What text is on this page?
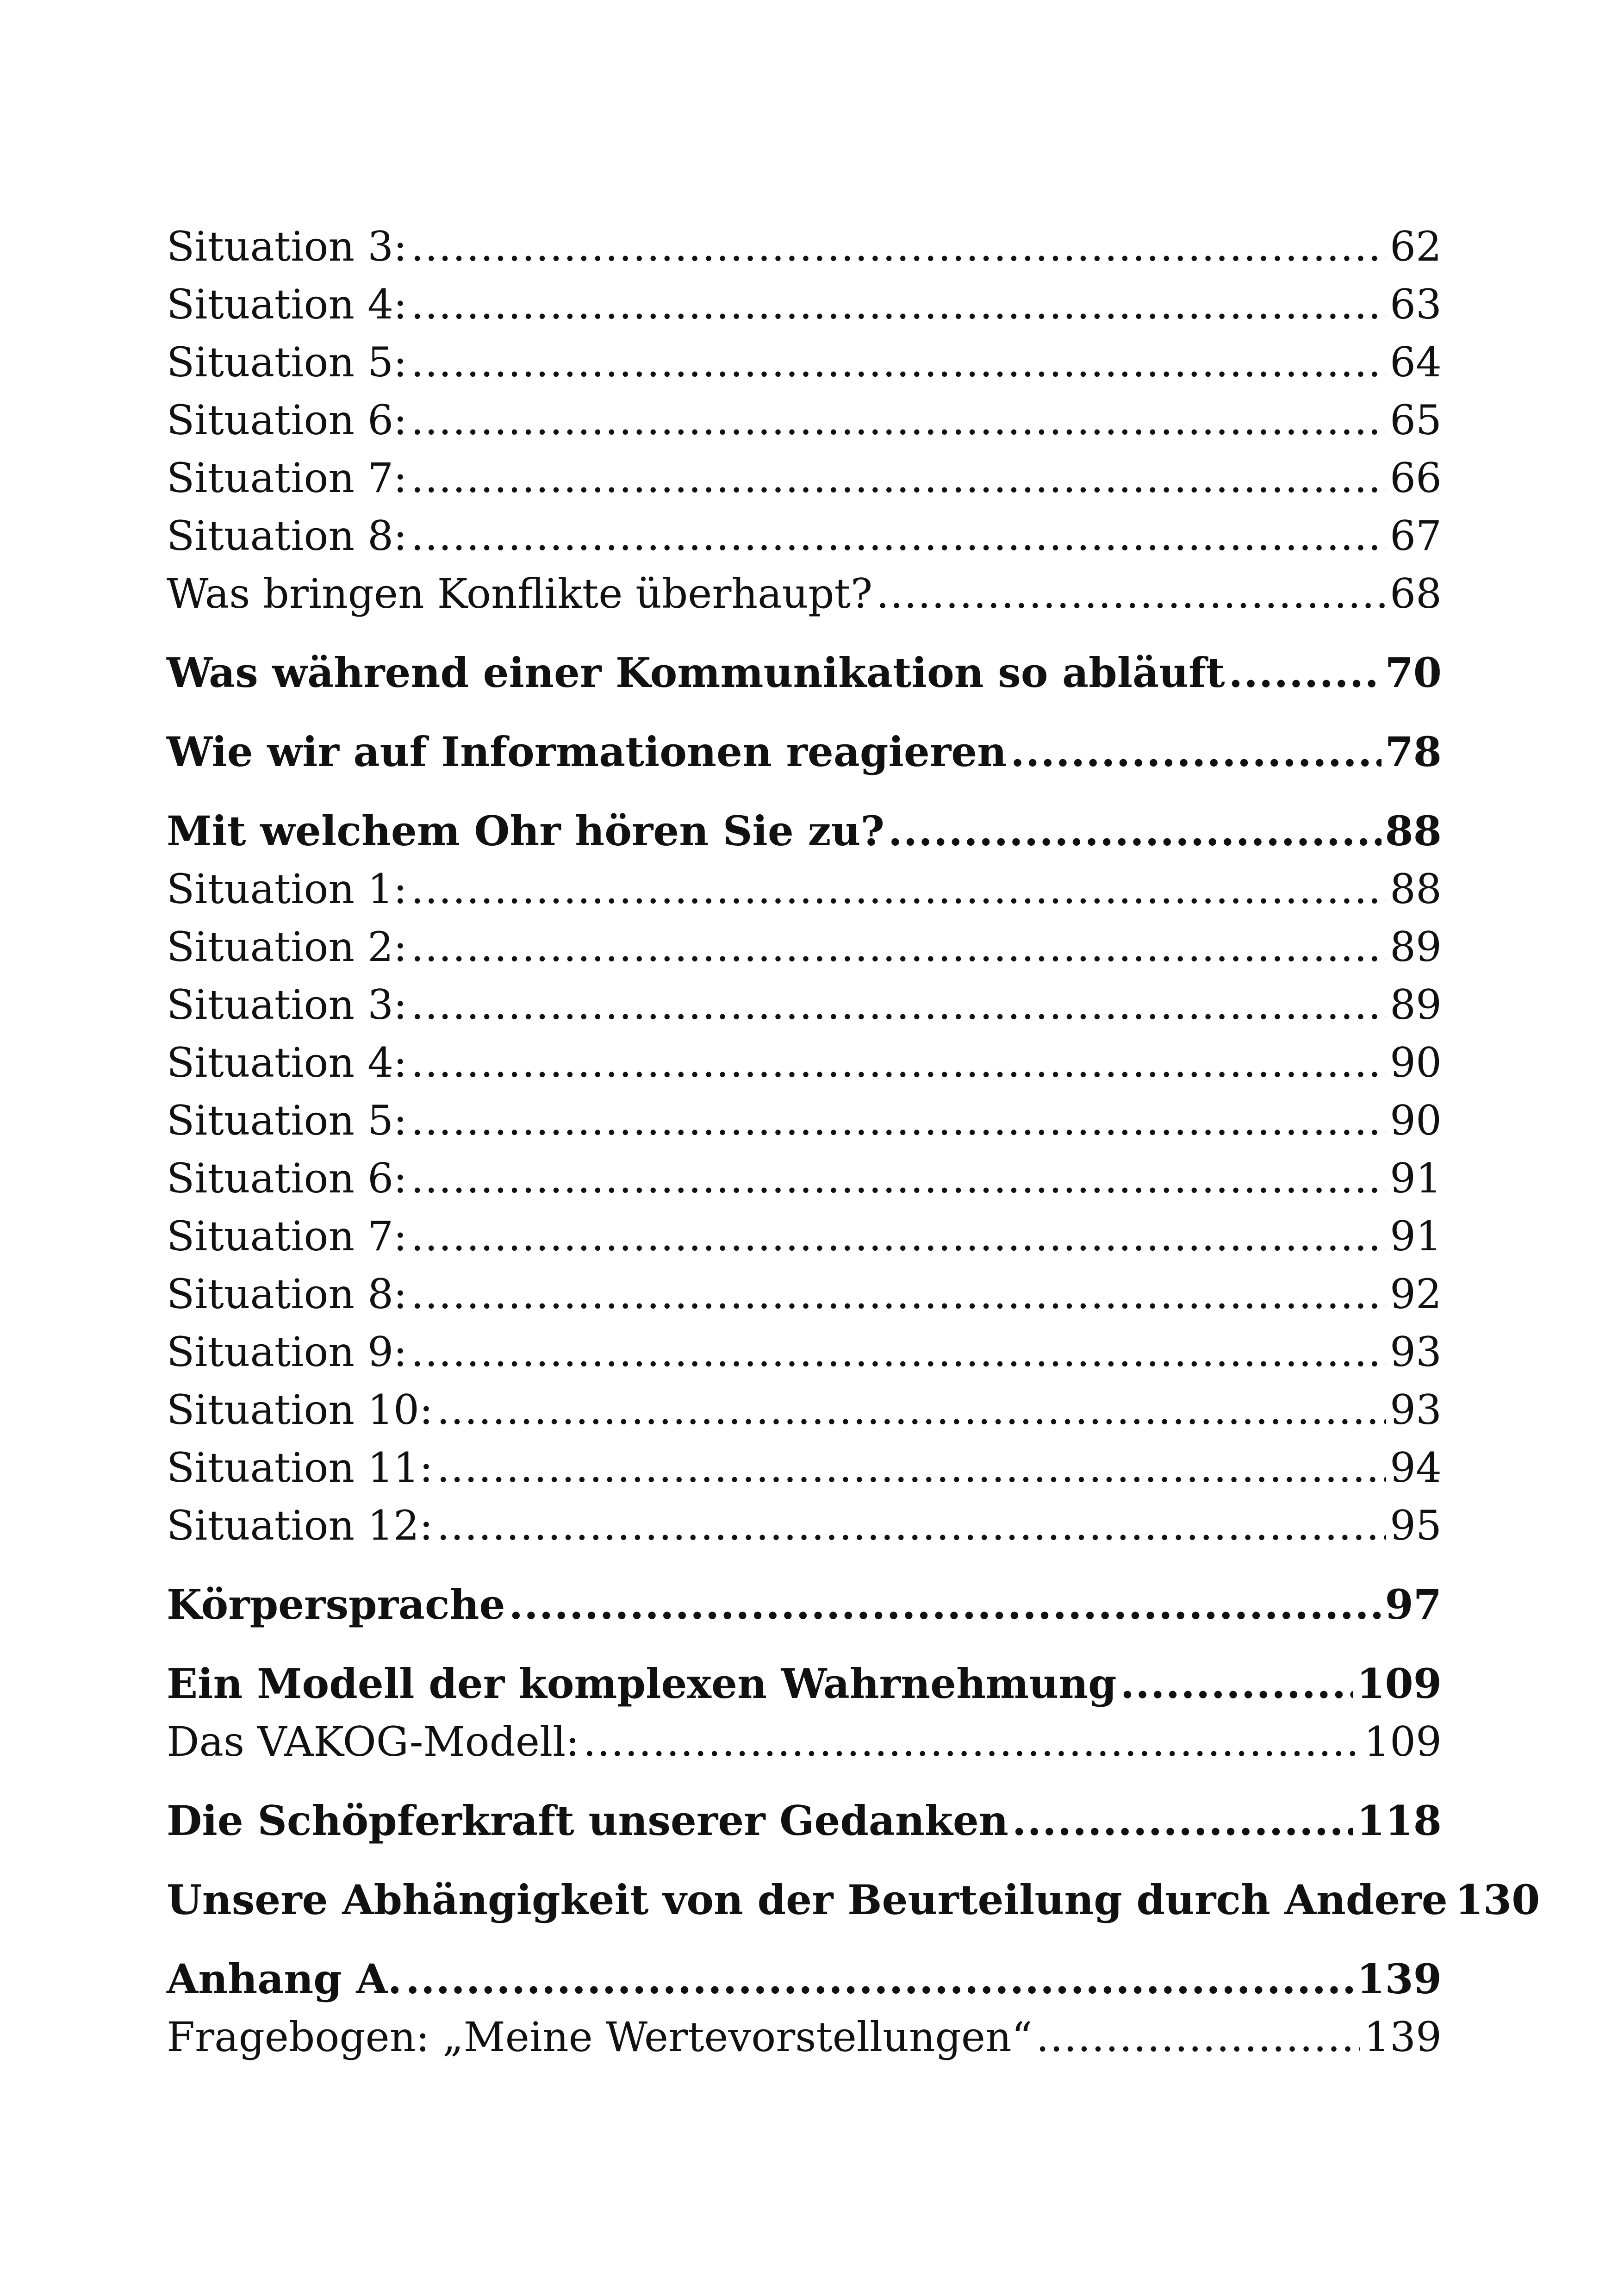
Situation 3: .....	62
Situation 4: .....	63
Situation 5: .....	64
Situation 6: .....	65
Situation 7: .....	66
Situation 8: .....	67
Was bringen Konflikte überhaupt? .....	68
Was während einer Kommunikation so abläuft .....	70
Wie wir auf Informationen reagieren .....	78
Mit welchem Ohr hören Sie zu? .....	88
Situation 1: .....	88
Situation 2: .....	89
Situation 3: .....	89
Situation 4: .....	90
Situation 5: .....	90
Situation 6: .....	91
Situation 7: .....	91
Situation 8: .....	92
Situation 9: .....	93
Situation 10: .....	93
Situation 11: .....	94
Situation 12: .....	95
Körpersprache .....	97
Ein Modell der komplexen Wahrnehmung .....	109
Das VAKOG-Modell: .....	109
Die Schöpferkraft unserer Gedanken .....	118
Unsere Abhängigkeit von der Beurteilung durch Andere 130
Anhang A. .....	139
Fragebogen: „Meine Wertevorstellungen“ .....	139
